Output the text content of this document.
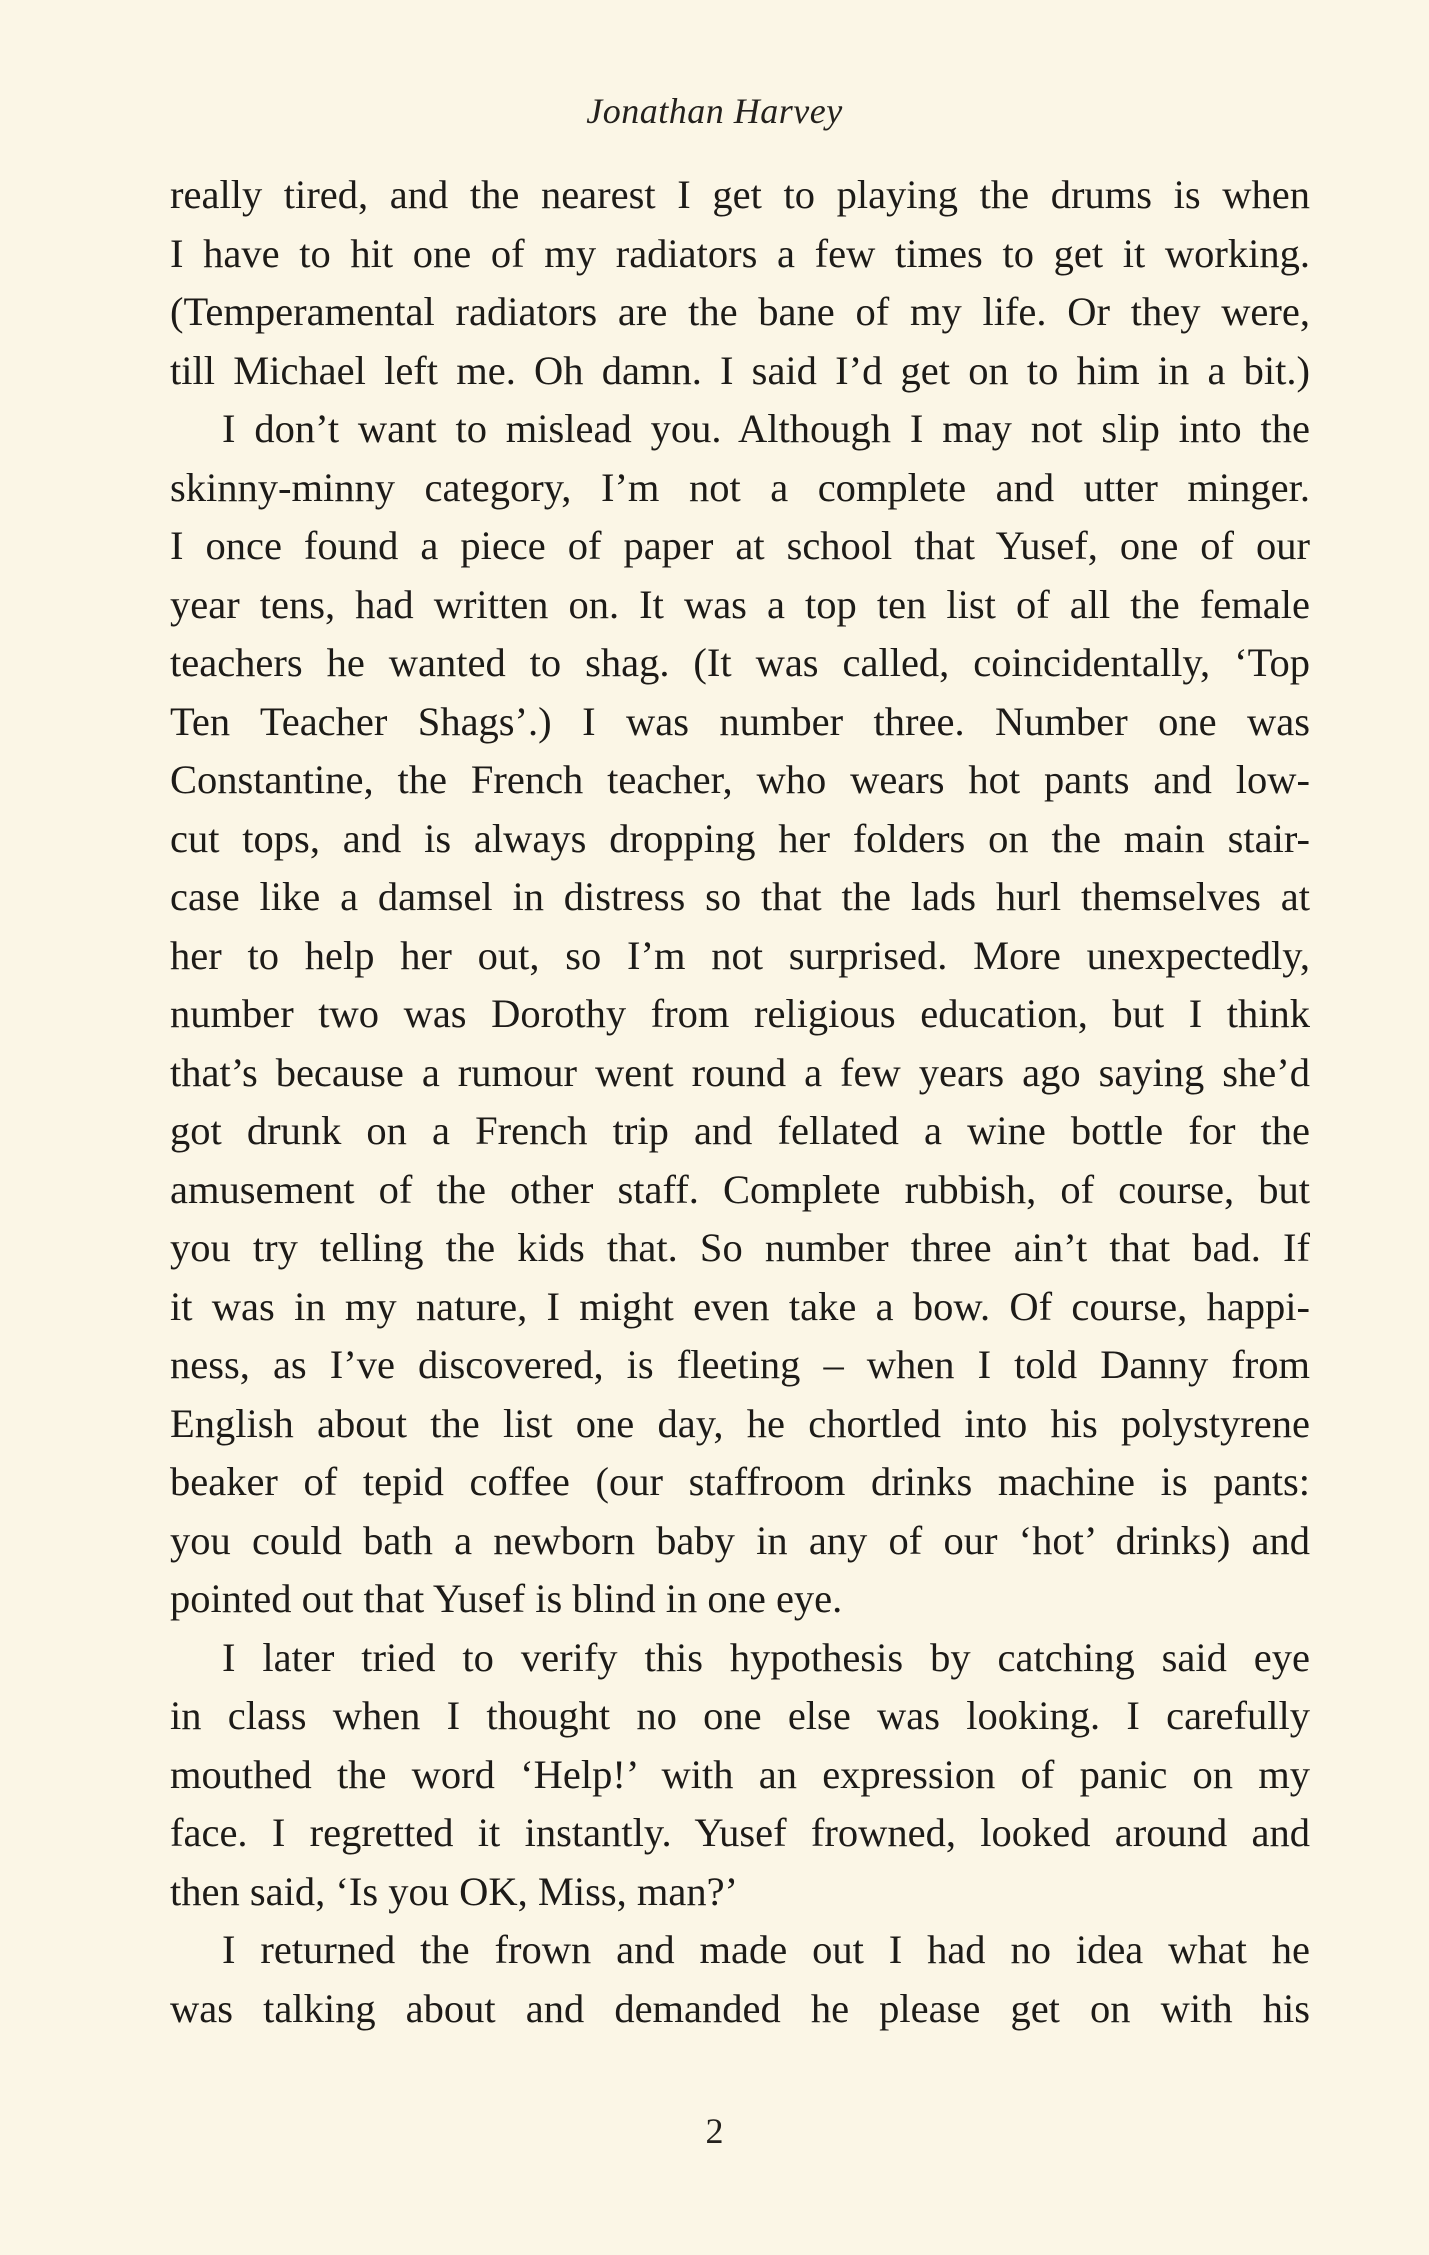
Jonathan Harvey

really tired, and the nearest I get to playing the drums is when
I have to hit one of my radiators a few times to get it working.
(Temperamental radiators are the bane of my life. Or they were,
till Michael left me. Oh damn. I said I’d get on to him in a bit.)

I don’t want to mislead you. Although I may not slip into the
skinny-minny category, I’m not a complete and utter minger.
I once found a piece of paper at school that Yusef, one of our
year tens, had written on. It was a top ten list of all the female
teachers he wanted to shag. (It was called, coincidentally, ‘Top
Ten Teacher Shags’.) I was number three. Number one was
Constantine, the French teacher, who wears hot pants and low-
cut tops, and is always dropping her folders on the main stair-
case like a damsel in distress so that the lads hurl themselves at
her to help her out, so I’m not surprised. More unexpectedly,
number two was Dorothy from religious education, but I think
that’s because a rumour went round a few years ago saying she’d
got drunk on a French trip and fellated a wine bottle for the
amusement of the other staff. Complete rubbish, of course, but
you try telling the kids that. So number three ain’t that bad. If
it was in my nature, I might even take a bow. Of course, happi-
ness, as I’ve discovered, is fleeting – when I told Danny from
English about the list one day, he chortled into his polystyrene
beaker of tepid coffee (our staffroom drinks machine is pants:
you could bath a newborn baby in any of our ‘hot’ drinks) and
pointed out that Yusef is blind in one eye.

I later tried to verify this hypothesis by catching said eye
in class when I thought no one else was looking. I carefully
mouthed the word ‘Help!’ with an expression of panic on my
face. I regretted it instantly. Yusef frowned, looked around and
then said, ‘Is you OK, Miss, man?’

I returned the frown and made out I had no idea what he
was talking about and demanded he please get on with his

2
